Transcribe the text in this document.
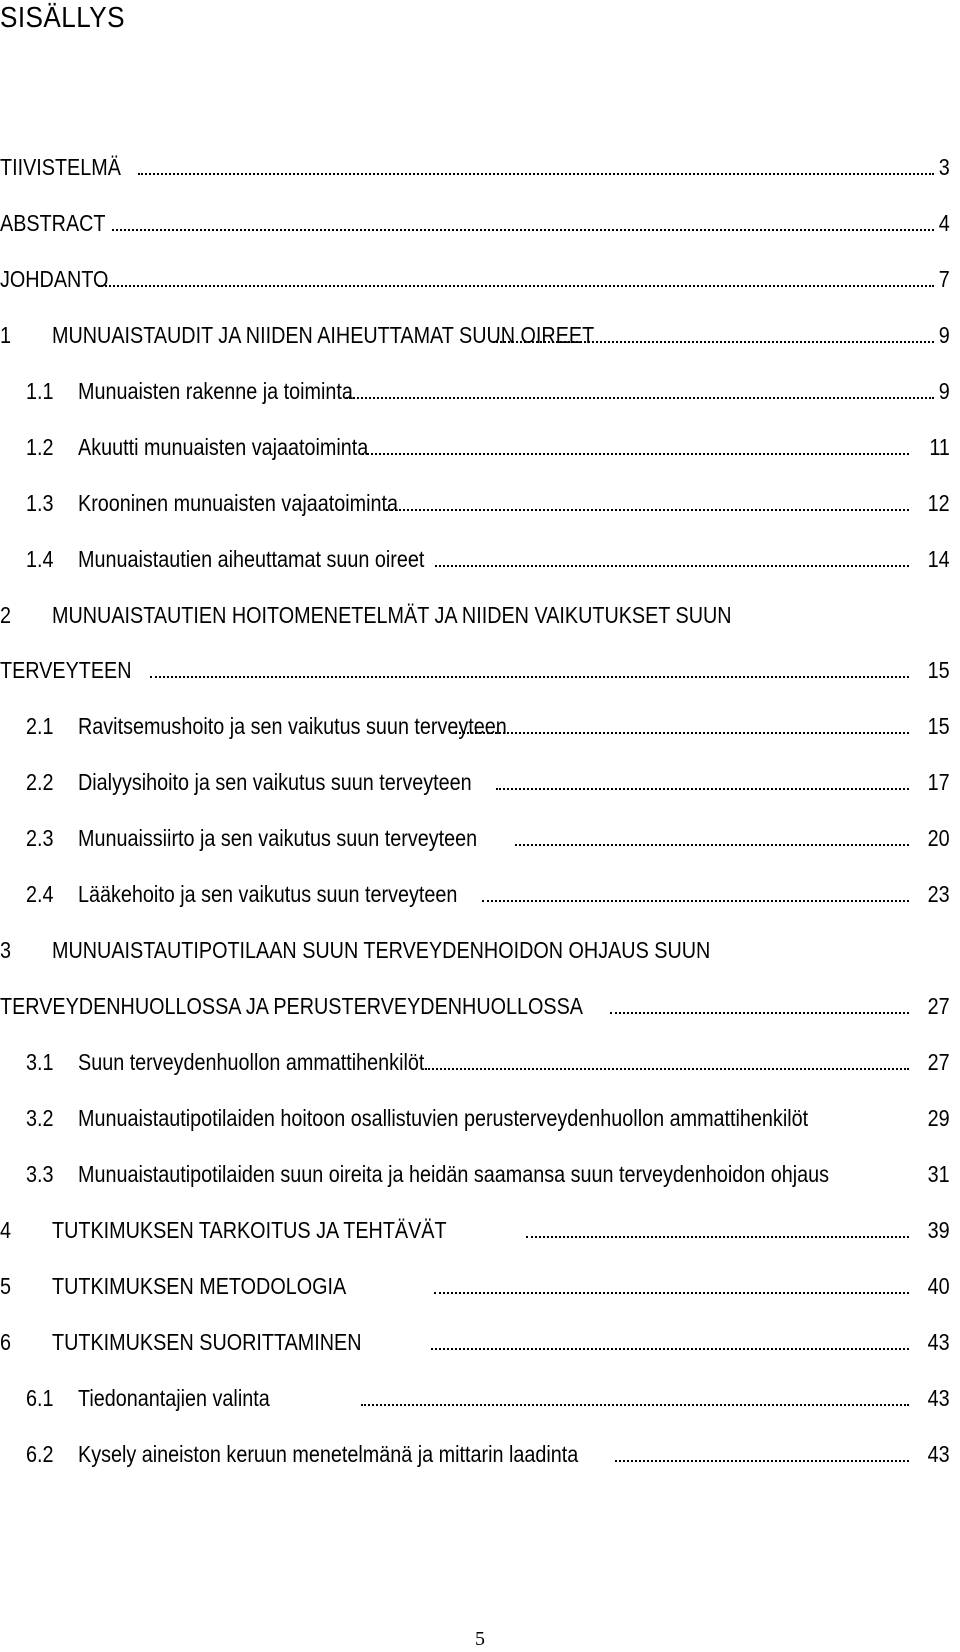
SISÄLLYS
TIIVISTELMÄ	3
ABSTRACT	4
JOHDANTO	7
1 MUNUAISTAUDIT JA NIIDEN AIHEUTTAMAT SUUN OIREET	9
1.1 Munuaisten rakenne ja toiminta	9
1.2 Akuutti munuaisten vajaatoiminta	11
1.3 Krooninen munuaisten vajaatoiminta	12
1.4 Munuaistautien aiheuttamat suun oireet	14
2 MUNUAISTAUTIEN HOITOMENETELMÄT JA NIIDEN VAIKUTUKSET SUUN
TERVEYTEEN	15
2.1 Ravitsemushoito ja sen vaikutus suun terveyteen	15
2.2 Dialyysihoito ja sen vaikutus suun terveyteen	17
2.3 Munuaissiirto ja sen vaikutus suun terveyteen	20
2.4 Lääkehoito ja sen vaikutus suun terveyteen	23
3 MUNUAISTAUTIPOTILAAN SUUN TERVEYDENHOIDON OHJAUS SUUN
TERVEYDENHUOLLOSSA JA PERUSTERVEYDENHUOLLOSSA	27
3.1 Suun terveydenhuollon ammattihenkilöt	27
3.2 Munuaistautipotilaiden hoitoon osallistuvien perusterveydenhuollon ammattihenkilöt	29
3.3 Munuaistautipotilaiden suun oireita ja heidän saamansa suun terveydenhoidon ohjaus	31
4 TUTKIMUKSEN TARKOITUS JA TEHTÄVÄT	39
5 TUTKIMUKSEN METODOLOGIA	40
6 TUTKIMUKSEN SUORITTAMINEN	43
6.1 Tiedonantajien valinta	43
6.2 Kysely aineiston keruun menetelmänä ja mittarin laadinta	43
5
